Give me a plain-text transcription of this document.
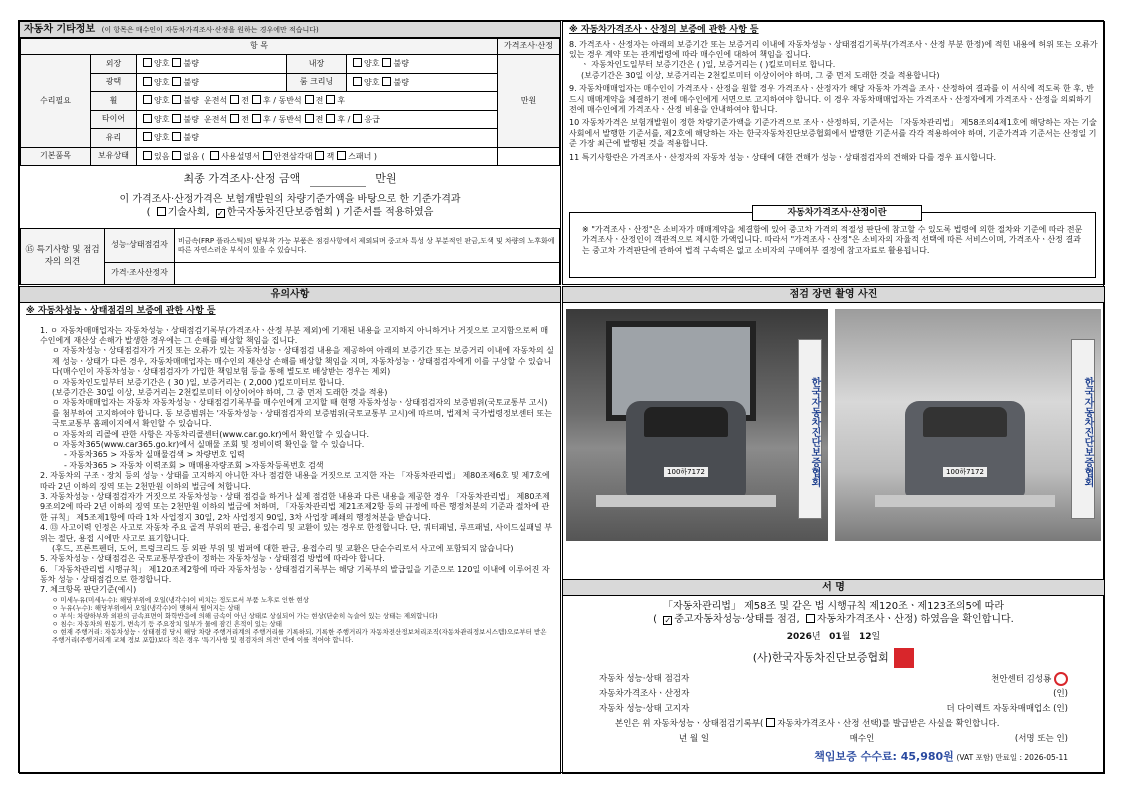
자동차 기타정보 (이 항목은 매수인이 자동차가격조사·산정을 원하는 경우에만 적습니다)
항 목					가격조사·산정
수리필요	외장	양호 불량	내장	양호 불량	만원
	광택	양호 불량	룸 크리닝	양호 불량	
	휠	양호 불량 운전석 전 후 / 동반석 전 후			
	타이어	양호 불량 운전석 전 후 / 동반석 전 후 / 응급			
	유리	양호 불량			
기본품목	보유상태	있음 없음 ( 사용설명서 안전삼각대 잭 스패너 )			
최종 가격조사·산정 금액	만원
이 가격조사·산정가격은 보험개발원의 차량기준가액을 바탕으로 한 기준가격과
( 기술사회, ✓ 한국자동차진단보증협회 ) 기준서를 적용하였음
⑮ 특기사항 및 점검자의 의견	성능·상태점검자	비금속(FRP 플라스틱)의 탈부착 가능 부품은 점검사항에서 제외되며 중고차 특성 상 부분적인 판금,도색 및 차량의 노후화에 따른 자연스러운 부식이 있을 수 있습니다.
	가격·조사산정자	
※ 자동차가격조사ㆍ산정의 보증에 관한 사항 등

8. 가격조사ㆍ산정자는 아래의 보증기간 또는 보증거리 이내에 자동차성능ㆍ상태점검기록부(가격조사ㆍ산정 부분 한정)에 적힌 내용에 허위 또는 오류가 있는 경우 계약 또는 관계법령에 따라 매수인에 대하여 책임을 집니다.

ㆍ 자동차인도일부터 보증기간은 ( )일, 보증거리는 ( )킬로미터로 합니다.

(보증기간은 30일 이상, 보증거리는 2천킬로미터 이상이어야 하며, 그 중 먼저 도래한 것을 적용합니다)

9. 자동차매매업자는 매수인이 가격조사ㆍ산정을 원할 경우 가격조사ㆍ산정자가 해당 자동차 가격을 조사ㆍ산정하여 결과를 이 서식에 적도록 한 후, 반드시 매매계약을 체결하기 전에 매수인에게 서면으로 고지하여야 합니다. 이 경우 자동차매매업자는 가격조사ㆍ산정자에게 가격조사ㆍ산정을 의뢰하기 전에 매수인에게 가격조사ㆍ산정 비용을 안내하여야 합니다.

10 자동차가격은 보험개발원이 정한 차량기준가액을 기준가격으로 조사ㆍ산정하되, 기준서는 「자동차관리법」 제58조의4제1호에 해당하는 자는 기술사회에서 발행한 기준서를, 제2호에 해당하는 자는 한국자동차진단보증협회에서 발행한 기준서를 각각 적용하여야 하며, 기준가격과 기준서는 산정일 기준 가장 최근에 발행된 것을 적용합니다.

11 특기사항란은 가격조사ㆍ산정자의 자동차 성능ㆍ상태에 대한 견해가 성능ㆍ상태점검자의 견해와 다를 경우 표시합니다.

자동차가격조사·산정이란

※ "가격조사ㆍ산정"은 소비자가 매매계약을 체결함에 있어 중고차 가격의 적절성 판단에 참고할 수 있도록 법령에 의한 절차와 기준에 따라 전문 가격조사ㆍ산정인이 객관적으로 제시한 가액입니다. 따라서 "가격조사ㆍ산정"은 소비자의 자율적 선택에 따른 서비스이며, 가격조사ㆍ산정 결과는 중고차 가격판단에 관하여 법적 구속력은 없고 소비자의 구매여부 결정에 참고자료로 활용됩니다.

유의사항
※ 자동차성능ㆍ상태점검의 보증에 관한 사항 등

1. ㅇ 자동차매매업자는 자동차성능ㆍ상태점검기록부(가격조사ㆍ산정 부분 제외)에 기재된 내용을 고지하지 아니하거나 거짓으로 고지함으로써 매수인에게 재산상 손해가 발생한 경우에는 그 손해를 배상할 책임을 집니다.

ㅇ 자동차성능ㆍ상태점검자가 거짓 또는 오류가 있는 자동차성능ㆍ상태점검 내용을 제공하여 아래의 보증기간 또는 보증거리 이내에 자동차의 실제 성능ㆍ상태가 다른 경우, 자동차매매업자는 매수인의 재산상 손해를 배상할 책임을 지며, 자동차성능ㆍ상태점검자에게 이를 구상할 수 있습니다(매수인이 자동차성능ㆍ상태점검자가 가입한 책임보험 등을 통해 별도로 배상받는 경우는 제외)

ㅇ 자동차인도일부터 보증기간은 ( 30 )일, 보증거리는 ( 2,000 )킬로미터로 합니다.

(보증기간은 30일 이상, 보증거리는 2천킬로미터 이상이어야 하며, 그 중 먼저 도래한 것을 적용)

ㅇ 자동차매매업자는 자동차 자동차성능ㆍ상태점검기록부를 매수인에게 고지할 때 현행 자동차성능ㆍ상태점검자의 보증범위(국토교통부 고시)를 첨부하여 고지하여야 합니다. 동 보증범위는 '자동차성능ㆍ상태점검자의 보증범위(국토교통부 고시)에 따르며, 법제처 국가법령정보센터 또는 국토교통부 홈페이지에서 확인할 수 있습니다.

ㅇ 자동차의 리콜에 관한 사항은 자동차리콜센터(www.car.go.kr)에서 확인할 수 있습니다.

ㅇ 자동차365(www.car365.go.kr)에서 실매물 조회 및 정비이력 확인을 할 수 있습니다.

- 자동차365 > 자동차 실매물검색 > 차량번호 입력

- 자동차365 > 자동차 이력조회 > 매매용자량조회 >자동차등록번호 검색

2. 자동차의 구조ㆍ장치 등의 성능ㆍ상태를 고지하지 아니한 자나 점검한 내용을 거짓으로 고지한 자는 「자동차관리법」 제80조제6호 및 제7호에 따라 2년 이하의 징역 또는 2천만원 이하의 벌금에 처합니다.

3. 자동차성능ㆍ상태점검자가 거짓으로 자동차성능ㆍ상태 점검을 하거나 실제 점검한 내용과 다른 내용을 제공한 경우 「자동차관리법」 제80조제9조의2에 따라 2년 이하의 징역 또는 2천만원 이하의 벌금에 처하며, 「자동차관리법 제21조제2항 등의 규정에 따른 행정처분의 기준과 절차에 관한 규칙」 제5조제1항에 따라 1차 사업정지 30일, 2차 사업정지 90일, 3차 사업장 폐쇄의 행정처분을 받습니다.

4. ⑬ 사고이력 인정은 사고로 자동차 주요 골격 부위의 판금, 용접수리 및 교환이 있는 경우로 한정합니다. 단, 쿼터패널, 루프패널, 사이드실패널 부위는 절단, 용접 시에만 사고로 표기합니다.

(후드, 프론트펜더, 도어, 트렁크리드 등 외판 부위 및 범퍼에 대한 판금, 용접수리 및 교환은 단순수리로서 사고에 포함되지 않습니다)

5. 자동차성능ㆍ상태점검은 국토교통부장관이 정하는 자동차성능ㆍ상태점검 방법에 따라야 합니다.

6. 「자동차관리법 시행규칙」 제120조제2항에 따라 자동차성능ㆍ상태점검기록부는 해당 기록부의 발급일을 기준으로 120일 이내에 이루어진 자동차 성능ㆍ상태점검으로 한정합니다.

7. 체크항목 판단기준(예시)

ㅇ 미세누유(미세누수): 해당부위에 오일(냉각수)이 비치는 정도로서 부품 노후로 인한 현상

ㅇ 누유(누수): 해당부위에서 오일(냉각수)이 맺혀서 떨어지는 상태

ㅇ 부식: 차량하부와 외판의 금속표면이 화학반응에 의해 금속이 아닌 상태로 상실되어 가는 현상(단순히 녹슬어 있는 상태는 제외합니다)

ㅇ 침수: 자동차의 원동기, 변속기 등 주요장치 일부가 물에 잠긴 흔적이 있는 상태

ㅇ 현재 주행거리: 자동차성능ㆍ상태점검 당시 해당 차량 주행거리계의 주행거리를 기록하되, 기록한 주행거리가 자동차전산정보처리조직(자동차관리정보시스템)으로부터 받은 주행거리(주행거리계 교체 정보 포함)보다 적은 경우 '특기사항 및 점검자의 의견' 란에 이를 적어야 합니다.

점검 장면 촬영 사진
100하7172	한국자동차진단보증협회	100하7172	한국자동차진단보증협회
서 명

「자동차관리법」 제58조 및 같은 법 시행규칙 제120조ㆍ제123조의5에 따라

( ✓ 중고자동차성능·상태를 점검, 자동차가격조사ㆍ산정) 하였음을 확인합니다.

2026년 01월 12일

(사)한국자동차진단보증협회

자동차 성능·상태 점검자	천안센터 김성룡
자동차가격조사ㆍ산정자	(인)
자동차 성능·상태 고지자	더 다이렉트 자동차매매업소 (인)
본인은 위 자동차성능ㆍ상태점검기록부( 자동차가격조사ㆍ산정 선택)를 발급받은 사실을 확인합니다.
년 월 일	매수인	(서명 또는 인)
책임보증 수수료: 45,980원 (VAT 포함) 만료일 : 2026-05-11
